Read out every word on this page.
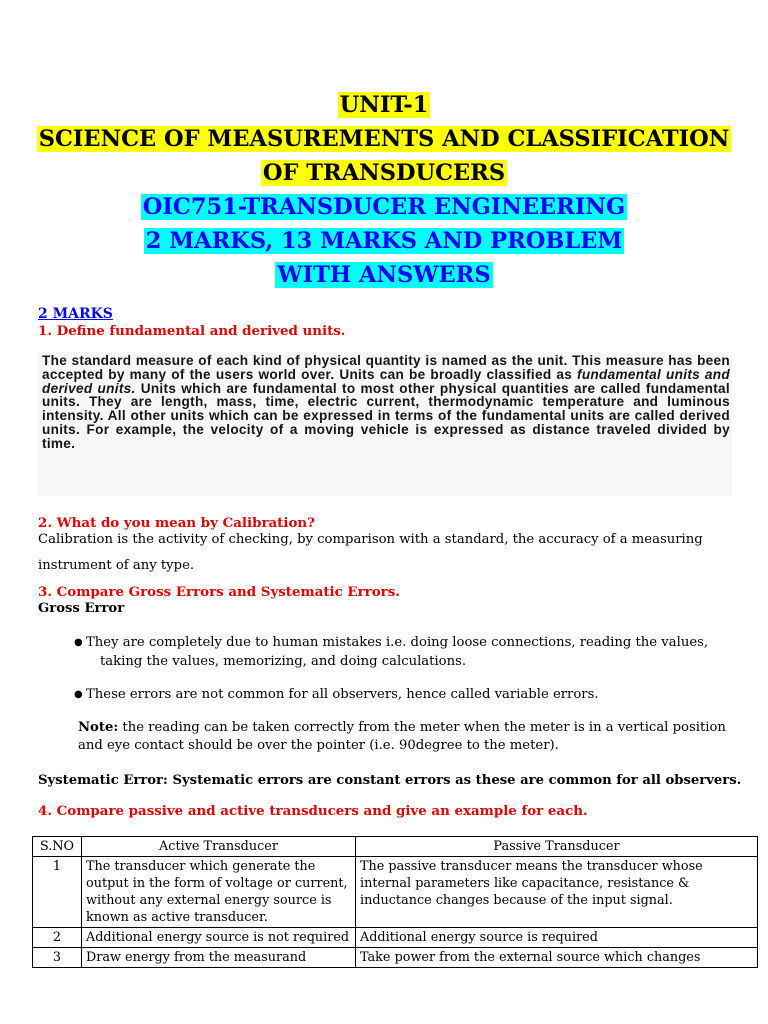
UNIT-1
SCIENCE OF MEASUREMENTS AND CLASSIFICATION
OF TRANSDUCERS
OIC751-TRANSDUCER ENGINEERING
2 MARKS, 13 MARKS AND PROBLEM
WITH ANSWERS
2 MARKS
1. Define fundamental and derived units.
The standard measure of each kind of physical quantity is named as the unit. This measure has been accepted by many of the users world over. Units can be broadly classified as fundamental units and derived units. Units which are fundamental to most other physical quantities are called fundamental units. They are length, mass, time, electric current, thermodynamic temperature and luminous intensity. All other units which can be expressed in terms of the fundamental units are called derived units. For example, the velocity of a moving vehicle is expressed as distance traveled divided by time.
2. What do you mean by Calibration?
Calibration is the activity of checking, by comparison with a standard, the accuracy of a measuring
instrument of any type.
3. Compare Gross Errors and Systematic Errors.
Gross Error
● They are completely due to human mistakes i.e. doing loose connections, reading the values,
taking the values, memorizing, and doing calculations.
● These errors are not common for all observers, hence called variable errors.
Note: the reading can be taken correctly from the meter when the meter is in a vertical position
and eye contact should be over the pointer (i.e. 90degree to the meter).
Systematic Error: Systematic errors are constant errors as these are common for all observers.
4. Compare passive and active transducers and give an example for each.
S.NO	Active Transducer	Passive Transducer
1	The transducer which generate the output in the form of voltage or current, without any external energy source is known as active transducer.	The passive transducer means the transducer whose internal parameters like capacitance, resistance & inductance changes because of the input signal.
2	Additional energy source is not required	Additional energy source is required
3	Draw energy from the measurand	Take power from the external source which changes
